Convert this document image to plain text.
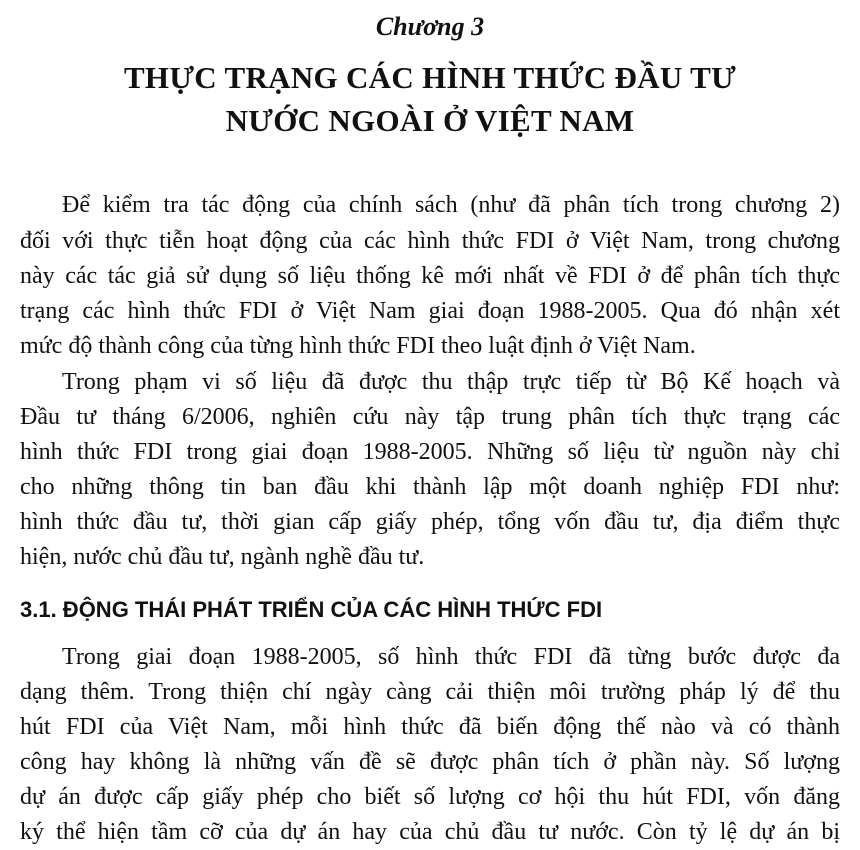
Chương 3
THỰC TRẠNG CÁC HÌNH THỨC ĐẦU TƯ
NƯỚC NGOÀI Ở VIỆT NAM
Để kiểm tra tác động của chính sách (như đã phân tích trong chương 2)
đối với thực tiễn hoạt động của các hình thức FDI ở Việt Nam, trong chương
này các tác giả sử dụng số liệu thống kê mới nhất về FDI ở để phân tích thực
trạng các hình thức FDI ở Việt Nam giai đoạn 1988-2005. Qua đó nhận xét
mức độ thành công của từng hình thức FDI theo luật định ở Việt Nam.
Trong phạm vi số liệu đã được thu thập trực tiếp từ Bộ Kế hoạch và
Đầu tư tháng 6/2006, nghiên cứu này tập trung phân tích thực trạng các
hình thức FDI trong giai đoạn 1988-2005. Những số liệu từ nguồn này chỉ
cho những thông tin ban đầu khi thành lập một doanh nghiệp FDI như:
hình thức đầu tư, thời gian cấp giấy phép, tổng vốn đầu tư, địa điểm thực
hiện, nước chủ đầu tư, ngành nghề đầu tư.
3.1. ĐỘNG THÁI PHÁT TRIỂN CỦA CÁC HÌNH THỨC FDI
Trong giai đoạn 1988-2005, số hình thức FDI đã từng bước được đa
dạng thêm. Trong thiện chí ngày càng cải thiện môi trường pháp lý để thu
hút FDI của Việt Nam, mỗi hình thức đã biến động thế nào và có thành
công hay không là những vấn đề sẽ được phân tích ở phần này. Số lượng
dự án được cấp giấy phép cho biết số lượng cơ hội thu hút FDI, vốn đăng
ký thể hiện tầm cỡ của dự án hay của chủ đầu tư nước. Còn tỷ lệ dự án bị
